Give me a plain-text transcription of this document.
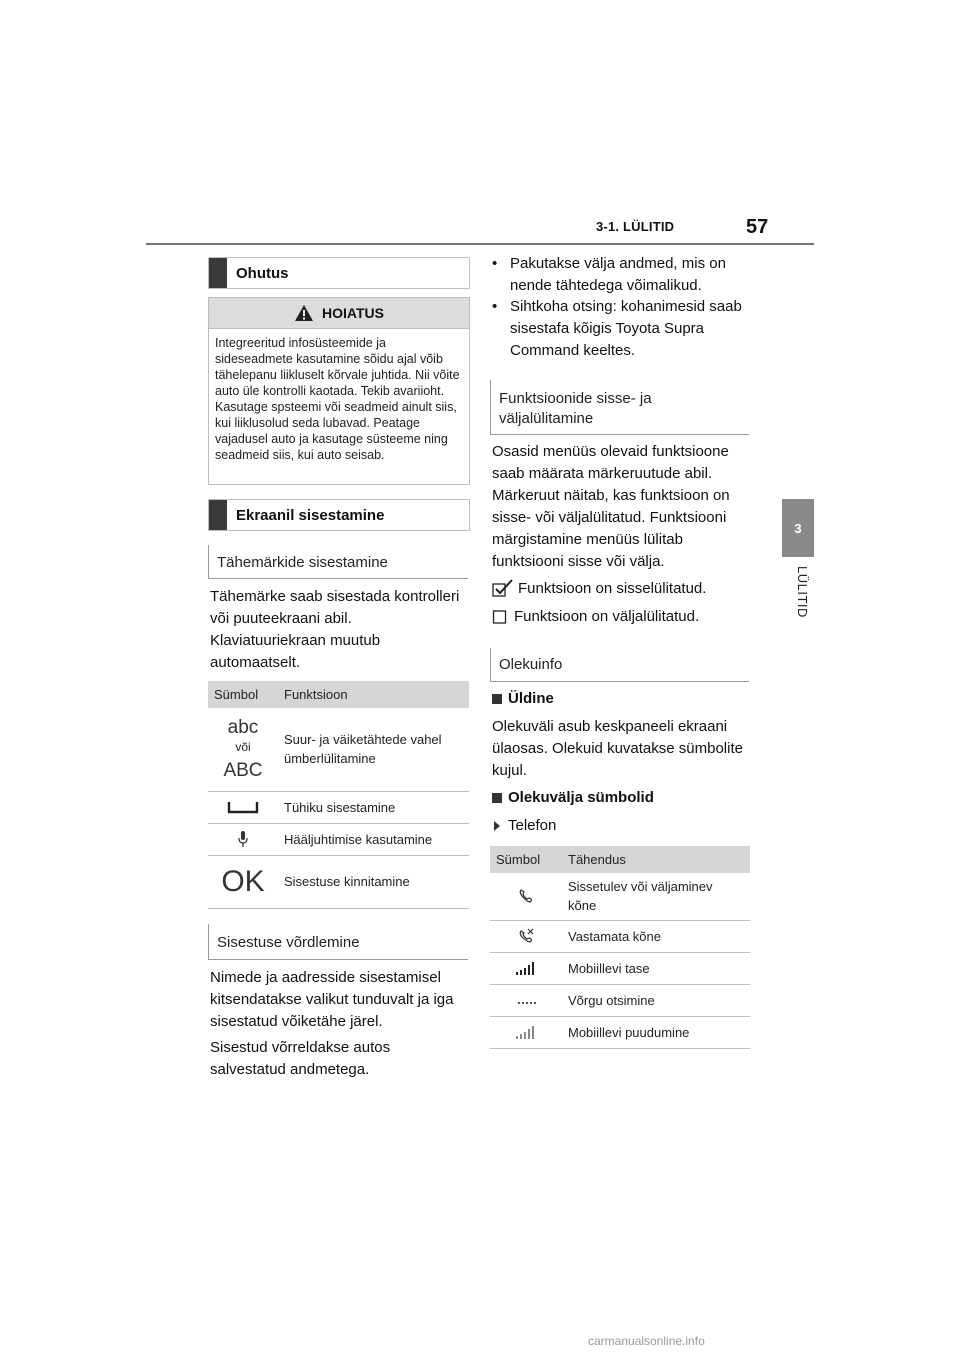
3-1. LÜLITID	57
3
LÜLITID
Ohutus
HOIATUS
Integreeritud infosüsteemide ja sideseadmete kasutamine sõidu ajal võib tähelepanu liikluselt kõrvale juhtida. Nii võite auto üle kontrolli kaotada. Tekib avariioht. Kasutage spsteemi või seadmeid ainult siis, kui liiklusolud seda lubavad. Peatage vajadusel auto ja kasutage süsteeme ning seadmeid siis, kui auto seisab.
Ekraanil sisestamine
Tähemärkide sisestamine
Tähemärke saab sisestada kontrolleri või puuteekraani abil. Klaviatuuriekraan muutub automaatselt.
Sümbol	Funktsioon

abc
või
ABC	Suur- ja väiketähtede vahel ümberlülitamine

	Tühiku sisestamine

	Hääljuhtimise kasutamine

OK	Sisestuse kinnitamine
Sisestuse võrdlemine
Nimede ja aadresside sisestamisel kitsendatakse valikut tunduvalt ja iga sisestatud võiketähe järel.
Sisestud võrreldakse autos salvestatud andmetega.
• Pakutakse välja andmed, mis on nende tähtedega võimalikud.
• Sihtkoha otsing: kohanimesid saab sisestafa kõigis Toyota Supra Command keeltes.
Funktsioonide sisse- ja väljalülitamine
Osasid menüüs olevaid funktsioone saab määrata märkeruutude abil. Märkeruut näitab, kas funktsioon on sisse- või väljalülitatud. Funktsiooni märgistamine menüüs lülitab funktsiooni sisse või välja.
Funktsioon on sisselülitatud.
Funktsioon on väljalülitatud.
Olekuinfo
Üldine
Olekuväli asub keskpaneeli ekraani ülaosas. Olekuid kuvatakse sümbolite kujul.
Olekuvälja sümbolid
Telefon
Sümbol	Tähendus

	Sissetulev või väljaminev kõne

	Vastamata kõne

	Mobiillevi tase

	Võrgu otsimine

	Mobiillevi puudumine
carmanualsonline.info
